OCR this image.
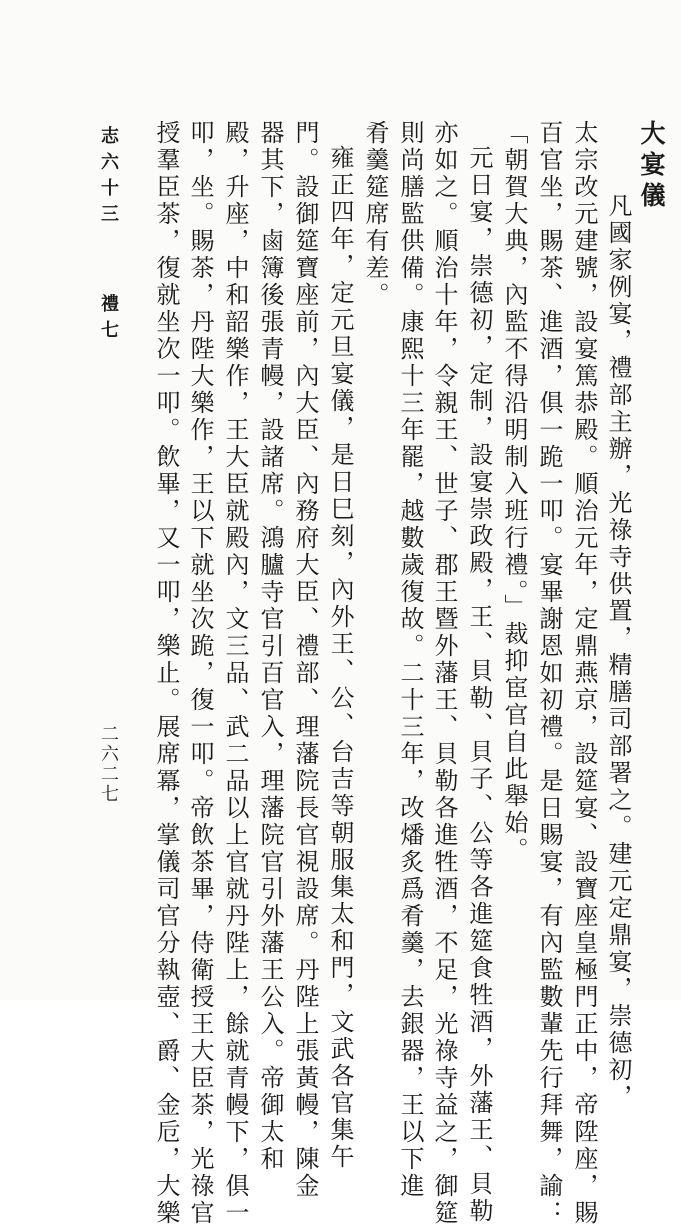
大宴儀
凡國家例宴，禮部主辦，光祿寺供置，精膳司部署之。建元定鼎宴，崇德初，
太宗改元建號，設宴篤恭殿。順治元年，定鼎燕京，設筵宴、設寶座皇極門正中，帝陞座，賜
百官坐，賜茶、進酒，俱一跪一叩。宴畢謝恩如初禮。是日賜宴，有內監數輩先行拜舞，諭：
「朝賀大典，內監不得沿明制入班行禮。」裁抑宦官自此舉始。
元日宴，崇德初，定制，設宴崇政殿，王、貝勒、貝子、公等各進筵食牲酒，外藩王、貝勒
亦如之。順治十年，令親王、世子、郡王暨外藩王、貝勒各進牲酒，不足，光祿寺益之，御筵
則尚膳監供備。康熙十三年罷，越數歲復故。二十三年，改燔炙爲肴羹，去銀器，王以下進
肴羹筵席有差。
雍正四年，定元旦宴儀，是日巳刻，內外王、公、台吉等朝服集太和門，文武各官集午
門。設御筵寶座前，內大臣、內務府大臣、禮部、理藩院長官視設席。丹陛上張黃幔，陳金
器其下，鹵簿後張青幔，設諸席。鴻臚寺官引百官入，理藩院官引外藩王公入。帝御太和
殿，升座，中和韶樂作，王大臣就殿內，文三品、武二品以上官就丹陛上，餘就青幔下，俱一
叩，坐。賜茶，丹陛大樂作，王以下就坐次跪，復一叩。帝飲茶畢，侍衛授王大臣茶，光祿官
授羣臣茶，復就坐次一叩。飲畢，又一叩，樂止。展席冪，掌儀司官分執壺、爵、金卮，大樂
志六十三
禮七
二六二七
